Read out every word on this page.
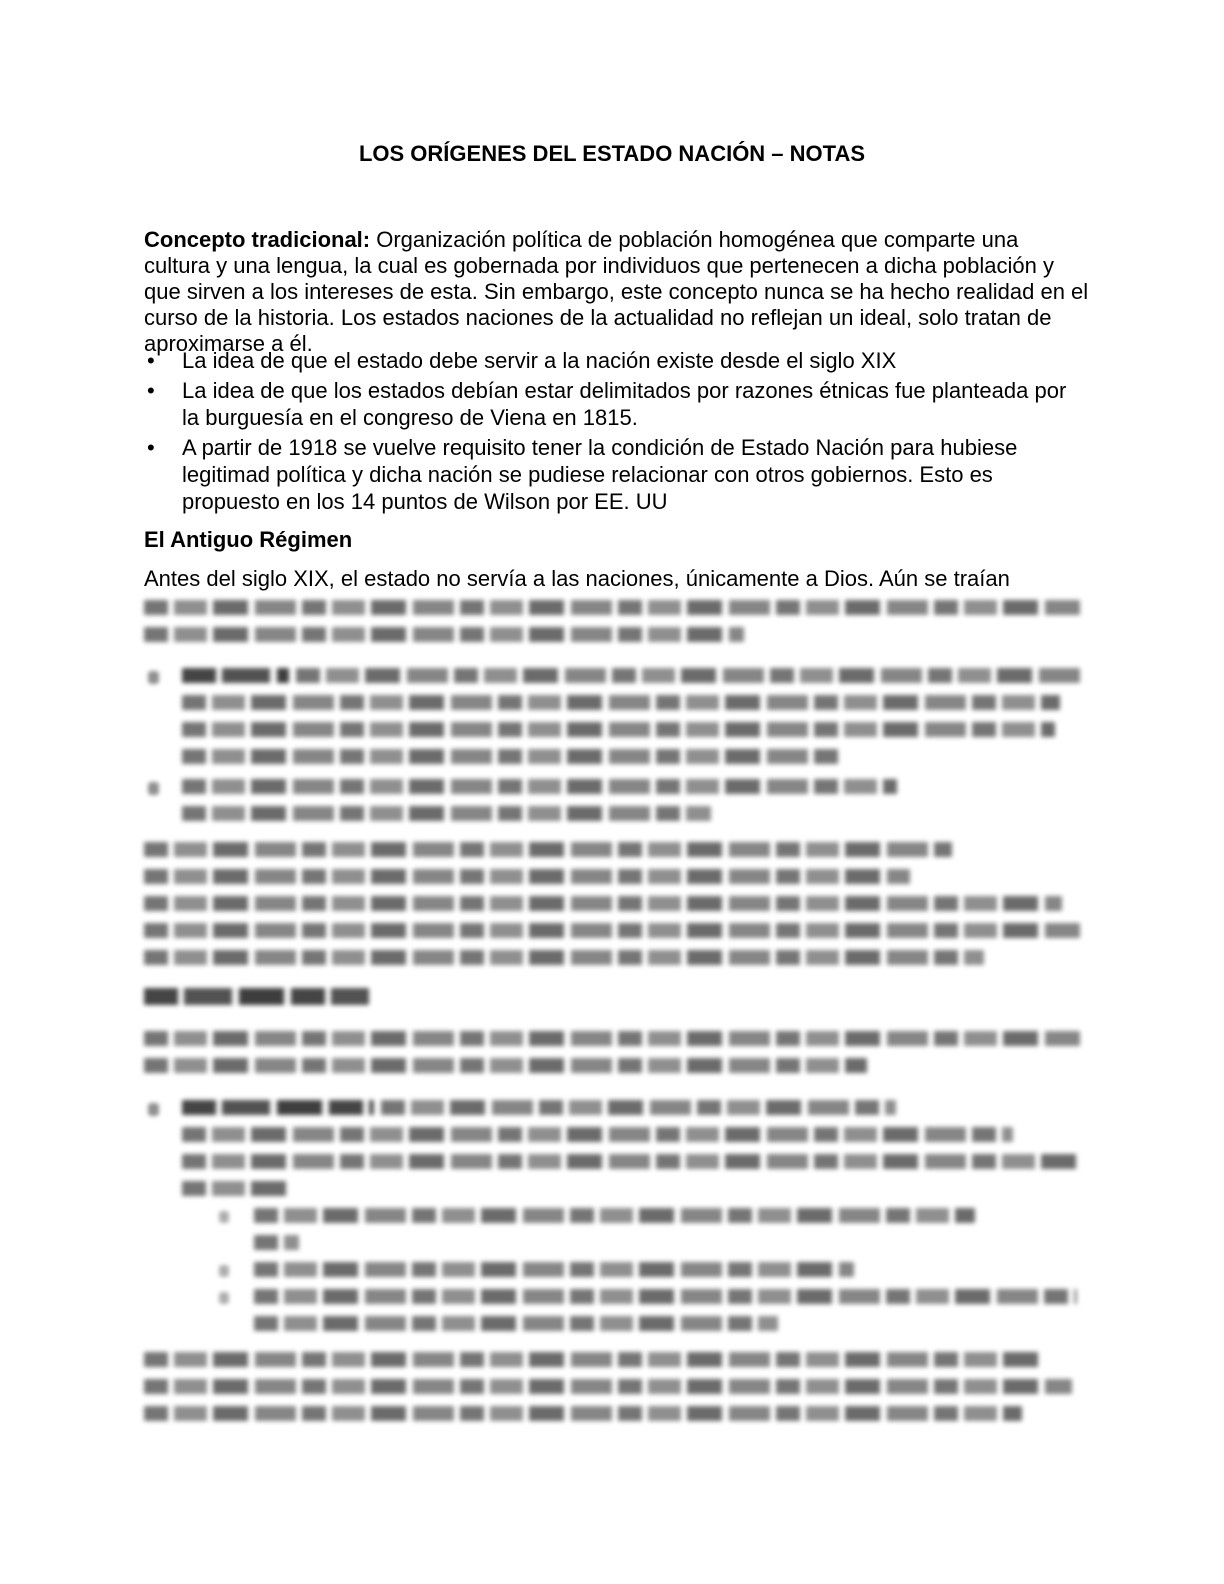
LOS ORÍGENES DEL ESTADO NACIÓN – NOTAS

Concepto tradicional: Organización política de población homogénea que comparte una cultura y una lengua, la cual es gobernada por individuos que pertenecen a dicha población y que sirven a los intereses de esta. Sin embargo, este concepto nunca se ha hecho realidad en el curso de la historia. Los estados naciones de la actualidad no reflejan un ideal, solo tratan de aproximarse a él.

• La idea de que el estado debe servir a la nación existe desde el siglo XIX
• La idea de que los estados debían estar delimitados por razones étnicas fue planteada por la burguesía en el congreso de Viena en 1815.
• A partir de 1918 se vuelve requisito tener la condición de Estado Nación para hubiese legitimad política y dicha nación se pudiese relacionar con otros gobiernos. Esto es propuesto en los 14 puntos de Wilson por EE. UU
El Antiguo Régimen

Antes del siglo XIX, el estado no servía a las naciones, únicamente a Dios. Aún se traían
